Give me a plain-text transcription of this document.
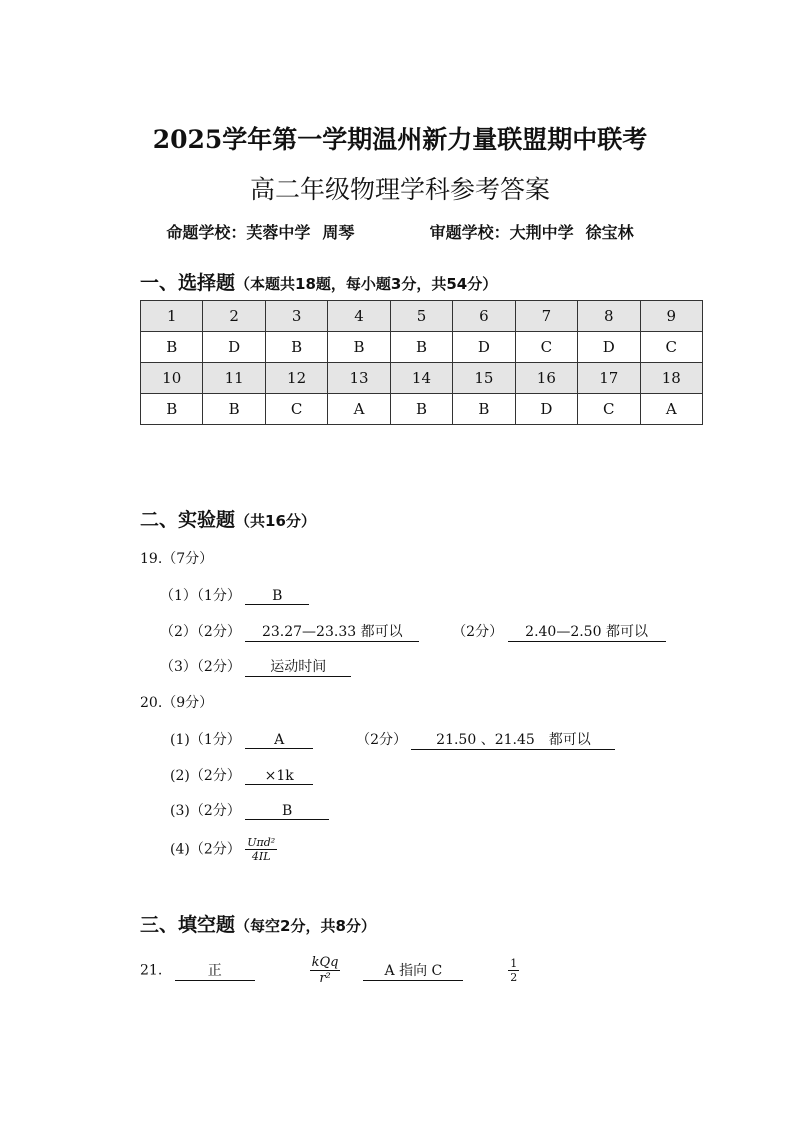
2025学年第一学期温州新力量联盟期中联考
高二年级物理学科参考答案
命题学校：芙蓉中学 周琴	审题学校：大荆中学 徐宝林
一、选择题（本题共18题，每小题3分，共54分）
1	2	3	4	5	6	7	8	9
B	D	B	B	B	D	C	D	C
10	11	12	13	14	15	16	17	18
B	B	C	A	B	B	D	C	A
二、实验题（共16分）
19.（7分）
（1）（1分） B
（2）（2分） 23.27—23.33 都可以	（2分） 2.40—2.50 都可以
（3）（2分） 运动时间
20.（9分）
(1)（1分） A	（2分） 21.50 、21.45　都可以
(2)（2分） ×1k
(3)（2分）	B
(4)（2分） $\frac{\text{Uπd²}}{4IL}$
三、填空题（每空2分，共8分）
21.	正	$\frac{\text{kQq}}{\text{r²}}$	A 指向 C	$\frac{1}{2}$
